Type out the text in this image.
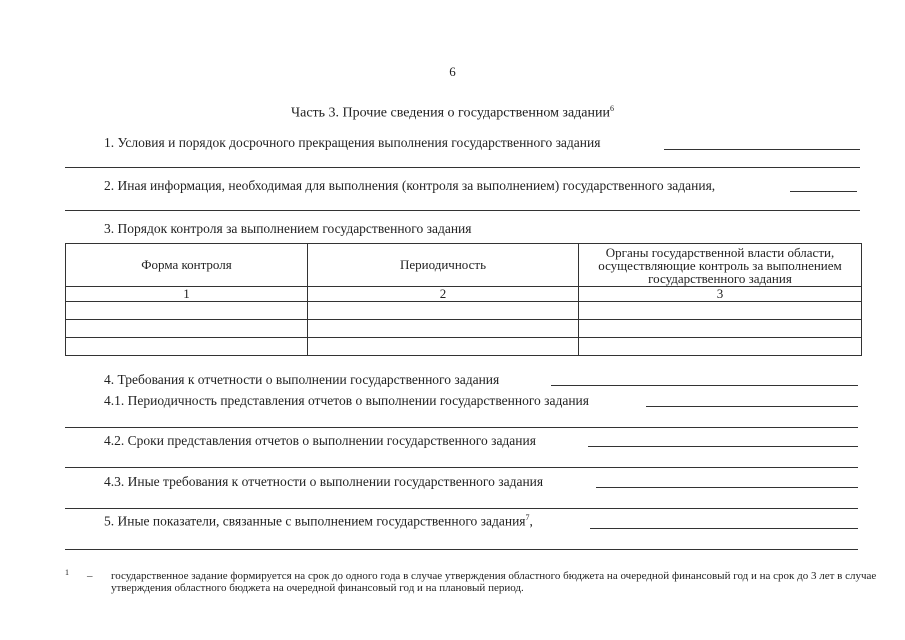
6
Часть 3. Прочие сведения о государственном задании$^6$
1. Условия и порядок досрочного прекращения выполнения государственного задания
2. Иная информация, необходимая для выполнения (контроля за выполнением) государственного задания,
3. Порядок контроля за выполнением государственного задания
Форма контроля	Периодичность	Органы государственной власти области, осуществляющие контроль за выполнением государственного задания
1	2	3

4. Требования к отчетности о выполнении государственного задания
4.1. Периодичность представления отчетов о выполнении государственного задания
4.2. Сроки представления отчетов о выполнении государственного задания
4.3. Иные требования к отчетности о выполнении государственного задания
5. Иные показатели, связанные с выполнением государственного задания$^7$,
1 – государственное задание формируется на срок до одного года в случае утверждения областного бюджета на очередной финансовый год и на срок до 3 лет в случае утверждения областного бюджета на очередной финансовый год и на плановый период.
